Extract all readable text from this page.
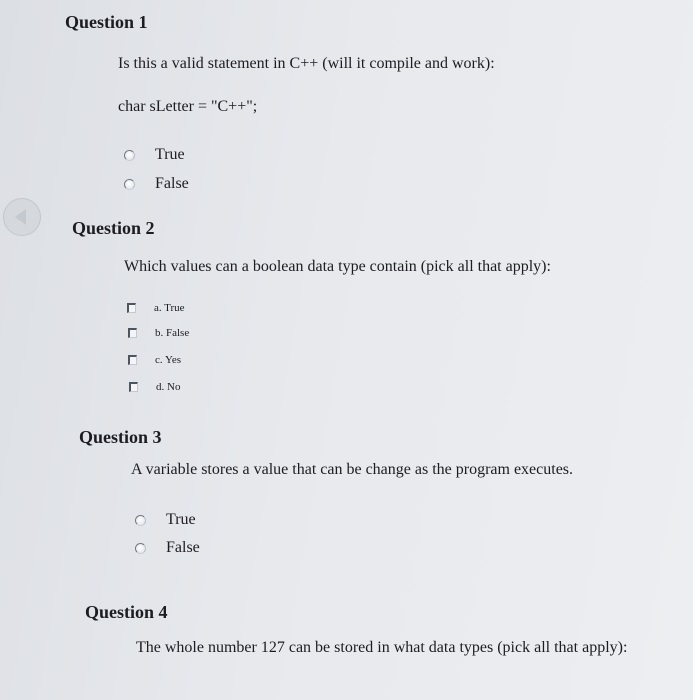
Question 1

Is this a valid statement in C++ (will it compile and work):

char sLetter = "C++";

True
False
Question 2

Which values can a boolean data type contain (pick all that apply):

a. True
b. False
c. Yes
d. No
Question 3

A variable stores a value that can be change as the program executes.

True
False
Question 4

The whole number 127 can be stored in what data types (pick all that apply):
